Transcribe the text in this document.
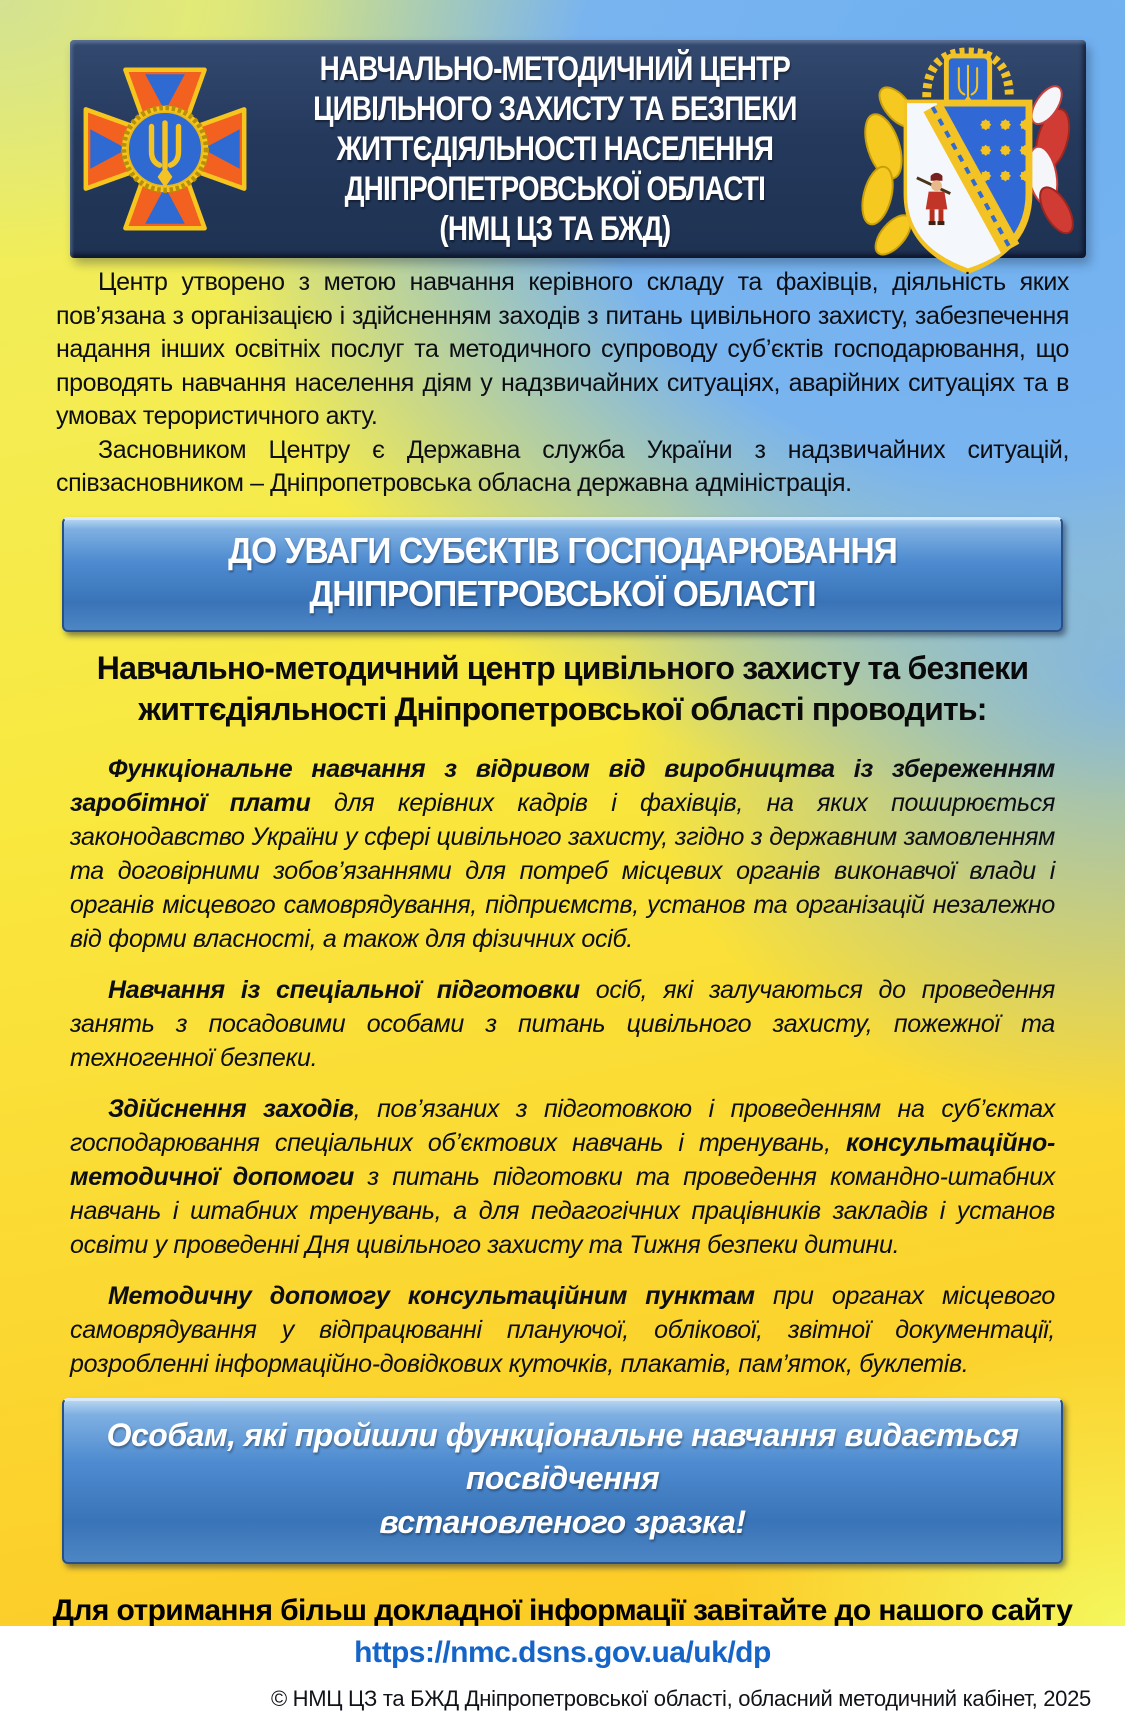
НАВЧАЛЬНО-МЕТОДИЧНИЙ ЦЕНТР
ЦИВІЛЬНОГО ЗАХИСТУ ТА БЕЗПЕКИ
ЖИТТЄДІЯЛЬНОСТІ НАСЕЛЕННЯ
ДНІПРОПЕТРОВСЬКОЇ ОБЛАСТІ
(НМЦ ЦЗ ТА БЖД)

Центр утворено з метою навчання керівного складу та фахівців, діяльність яких пов’язана з організацією і здійсненням заходів з питань цивільного захисту, забезпечення надання інших освітніх послуг та методичного супроводу суб’єктів господарювання, що проводять навчання населення діям у надзвичайних ситуаціях, аварійних ситуаціях та в умовах терористичного акту.

Засновником Центру є Державна служба України з надзвичайних ситуацій, співзасновником – Дніпропетровська обласна державна адміністрація.

ДО УВАГИ СУБЄКТІВ ГОСПОДАРЮВАННЯ
ДНІПРОПЕТРОВСЬКОЇ ОБЛАСТІ
Навчально-методичний центр цивільного захисту та безпеки
життєдіяльності Дніпропетровської області проводить:

Функціональне навчання з відривом від виробництва із збереженням заробітної плати для керівних кадрів і фахівців, на яких поширюється законодавство України у сфері цивільного захисту, згідно з державним замовленням та договірними зобов’язаннями для потреб місцевих органів виконавчої влади і органів місцевого самоврядування, підприємств, установ та організацій незалежно від форми власності, а також для фізичних осіб.

Навчання із спеціальної підготовки осіб, які залучаються до проведення занять з посадовими особами з питань цивільного захисту, пожежної та техногенної безпеки.

Здійснення заходів, пов’язаних з підготовкою і проведенням на суб’єктах господарювання спеціальних об’єктових навчань і тренувань, консультаційно-методичної допомоги з питань підготовки та проведення командно-штабних навчань і штабних тренувань, а для педагогічних працівників закладів і установ освіти у проведенні Дня цивільного захисту та Тижня безпеки дитини.

Методичну допомогу консультаційним пунктам при органах місцевого самоврядування у відпрацюванні плануючої, облікової, звітної документації, розробленні інформаційно-довідкових куточків, плакатів, пам’яток, буклетів.

Особам, які пройшли функціональне навчання видається посвідчення
встановленого зразка!
Для отримання більш докладної інформації завітайте до нашого сайту
https://nmc.dsns.gov.ua/uk/dp
© НМЦ ЦЗ та БЖД Дніпропетровської області, обласний методичний кабінет, 2025
